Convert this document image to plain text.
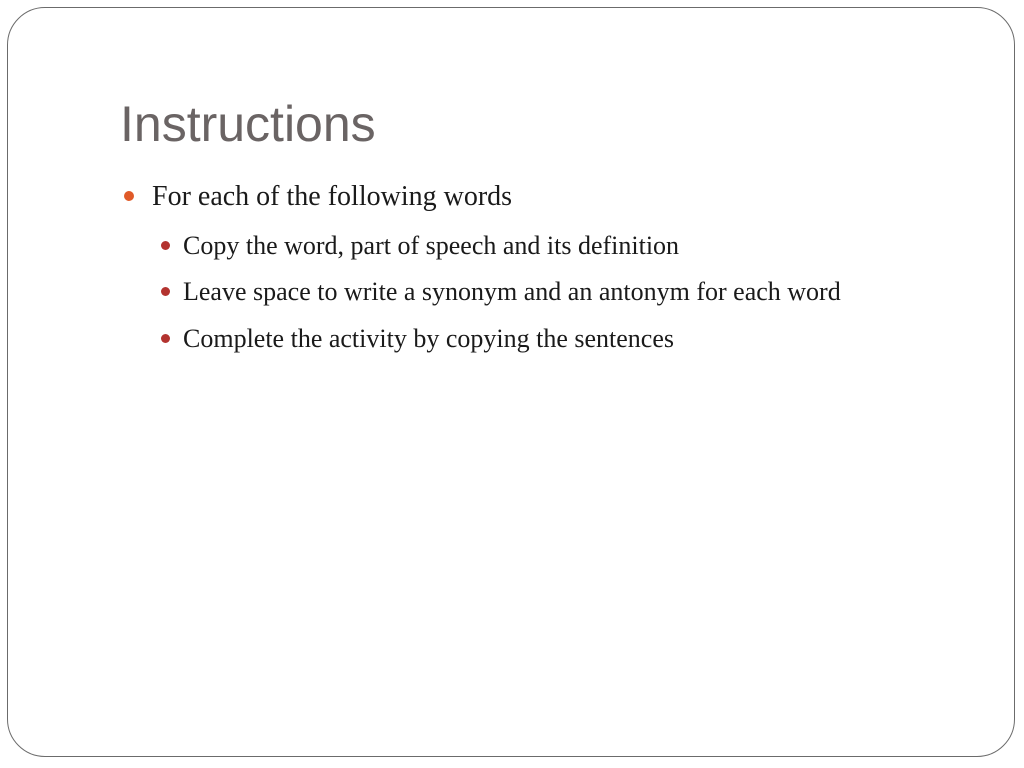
Instructions
For each of the following words
Copy the word, part of speech and its definition
Leave space to write a synonym and an antonym for each word
Complete the activity by copying the sentences
